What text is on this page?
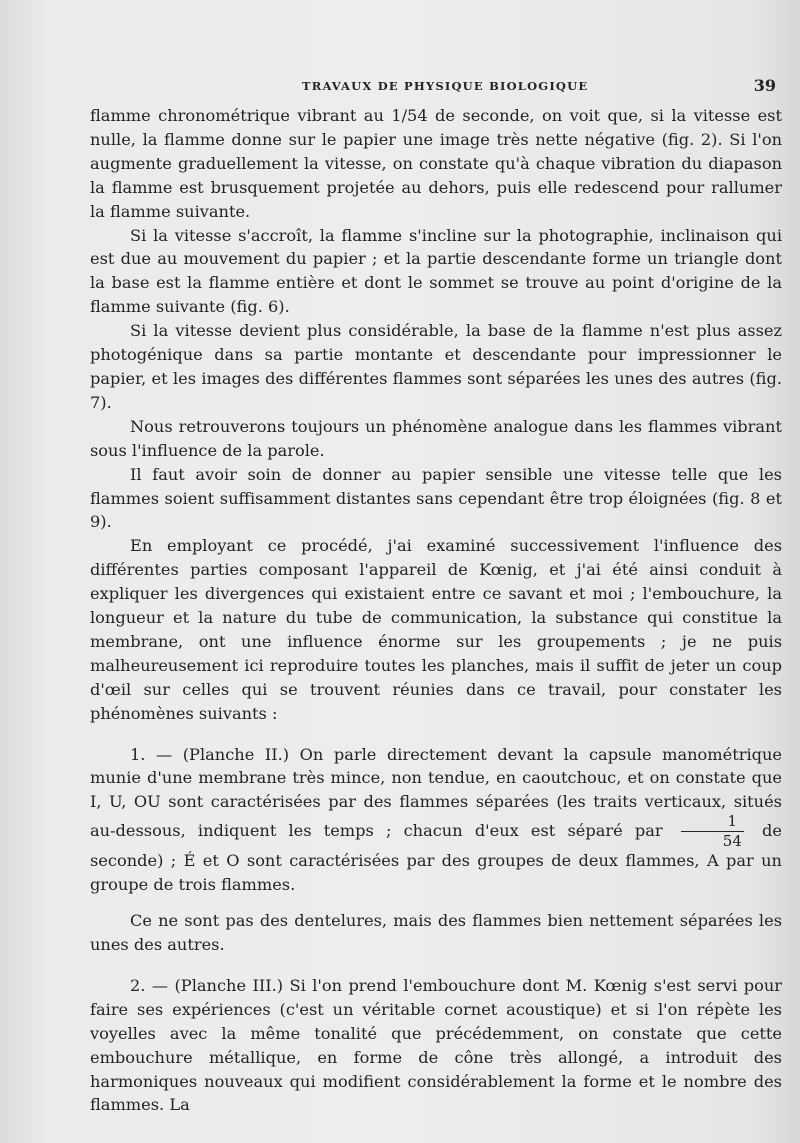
TRAVAUX DE PHYSIQUE BIOLOGIQUE	39

flamme chronométrique vibrant au 1/54 de seconde, on voit que, si la vitesse est nulle, la flamme donne sur le papier une image très nette négative (fig. 2). Si l'on augmente graduellement la vitesse, on constate qu'à chaque vibration du diapason la flamme est brusquement projetée au dehors, puis elle redescend pour rallumer la flamme suivante.

Si la vitesse s'accroît, la flamme s'incline sur la photographie, inclinaison qui est due au mouvement du papier ; et la partie descendante forme un triangle dont la base est la flamme entière et dont le sommet se trouve au point d'origine de la flamme suivante (fig. 6).

Si la vitesse devient plus considérable, la base de la flamme n'est plus assez photogénique dans sa partie montante et descendante pour impressionner le papier, et les images des différentes flammes sont séparées les unes des autres (fig. 7).

Nous retrouverons toujours un phénomène analogue dans les flammes vibrant sous l'influence de la parole.

Il faut avoir soin de donner au papier sensible une vitesse telle que les flammes soient suffisamment distantes sans cependant être trop éloignées (fig. 8 et 9).

En employant ce procédé, j'ai examiné successivement l'influence des différentes parties composant l'appareil de Kœnig, et j'ai été ainsi conduit à expliquer les divergences qui existaient entre ce savant et moi ; l'embouchure, la longueur et la nature du tube de communication, la substance qui constitue la membrane, ont une influence énorme sur les groupements ; je ne puis malheureusement ici reproduire toutes les planches, mais il suffit de jeter un coup d'œil sur celles qui se trouvent réunies dans ce travail, pour constater les phénomènes suivants :

1. — (Planche II.) On parle directement devant la capsule manométrique munie d'une membrane très mince, non tendue, en caoutchouc, et on constate que I, U, OU sont caractérisées par des flammes séparées (les traits verticaux, situés au-dessous, indiquent les temps ; chacun d'eux est séparé par $\frac{1}{54}$ de seconde) ; É et O sont caractérisées par des groupes de deux flammes, A par un groupe de trois flammes.

Ce ne sont pas des dentelures, mais des flammes bien nettement séparées les unes des autres.

2. — (Planche III.) Si l'on prend l'embouchure dont M. Kœnig s'est servi pour faire ses expériences (c'est un véritable cornet acoustique) et si l'on répète les voyelles avec la même tonalité que précédemment, on constate que cette embouchure métallique, en forme de cône très allongé, a introduit des harmoniques nouveaux qui modifient considérablement la forme et le nombre des flammes. La
